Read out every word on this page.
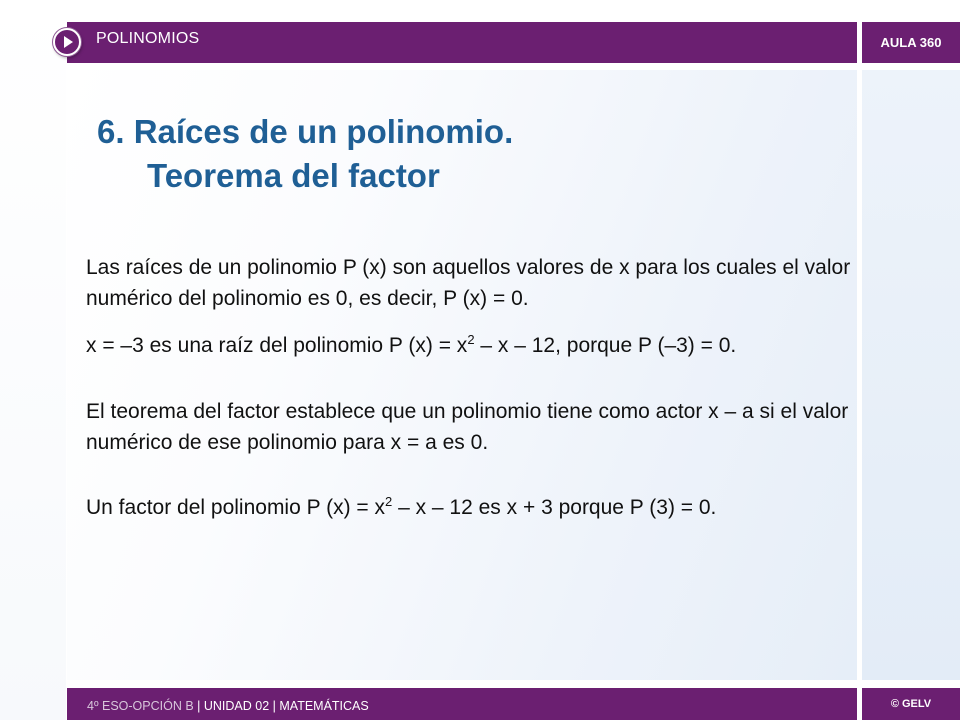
POLINOMIOS	AULA 360
6. Raíces de un polinomio.
Teorema del factor

Las raíces de un polinomio P (x) son aquellos valores de x para los cuales el valor numérico del polinomio es 0, es decir, P (x) = 0.

x = –3 es una raíz del polinomio P $(x) = x^2 - x - 12$, porque P (–3) = 0.

El teorema del factor establece que un polinomio tiene como actor x – a si el valor numérico de ese polinomio para x = a es 0.

Un factor del polinomio P $(x) = x^2 - x - 12$ es x + 3 porque P (3) = 0.

4º ESO-OPCIÓN B | UNIDAD 02 | MATEMÁTICAS	© GELV
